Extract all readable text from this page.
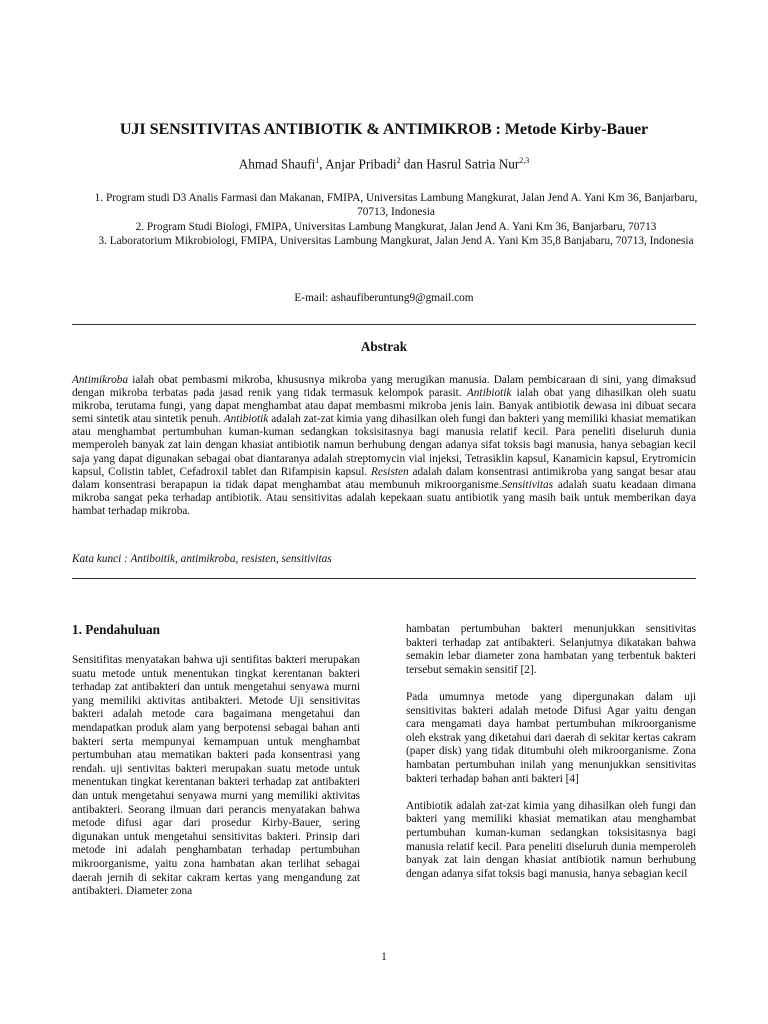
UJI SENSITIVITAS ANTIBIOTIK & ANTIMIKROB : Metode Kirby-Bauer
Ahmad Shaufi$^1$, Anjar Pribadi$^2$ dan Hasrul Satria Nur$^{2,3}$
1. Program studi D3 Analis Farmasi dan Makanan, FMIPA, Universitas Lambung Mangkurat, Jalan Jend A. Yani Km 36, Banjarbaru, 70713, Indonesia
2. Program Studi Biologi, FMIPA, Universitas Lambung Mangkurat, Jalan Jend A. Yani Km 36, Banjarbaru, 70713
3. Laboratorium Mikrobiologi, FMIPA, Universitas Lambung Mangkurat, Jalan Jend A. Yani Km 35,8 Banjabaru, 70713, Indonesia
E-mail: ashaufiberuntung9@gmail.com
Abstrak
Antimikroba ialah obat pembasmi mikroba, khususnya mikroba yang merugikan manusia. Dalam pembicaraan di sini, yang dimaksud dengan mikroba terbatas pada jasad renik yang tidak termasuk kelompok parasit. Antibiotik ialah obat yang dihasilkan oleh suatu mikroba, terutama fungi, yang dapat menghambat atau dapat membasmi mikroba jenis lain. Banyak antibiotik dewasa ini dibuat secara semi sintetik atau sintetik penuh. Antibiotik adalah zat-zat kimia yang dihasilkan oleh fungi dan bakteri yang memiliki khasiat mematikan atau menghambat pertumbuhan kuman-kuman sedangkan toksisitasnya bagi manusia relatif kecil. Para peneliti diseluruh dunia memperoleh banyak zat lain dengan khasiat antibiotik namun berhubung dengan adanya sifat toksis bagi manusia, hanya sebagian kecil saja yang dapat digunakan sebagai obat diantaranya adalah streptomycin vial injeksi, Tetrasiklin kapsul, Kanamicin kapsul, Erytromicin kapsul, Colistin tablet, Cefadroxil tablet dan Rifampisin kapsul. Resisten adalah dalam konsentrasi antimikroba yang sangat besar atau dalam konsentrasi berapapun ia tidak dapat menghambat atau membunuh mikroorganisme.Sensitivitas adalah suatu keadaan dimana mikroba sangat peka terhadap antibiotik. Atau sensitivitas adalah kepekaan suatu antibiotik yang masih baik untuk memberikan daya hambat terhadap mikroba.
Kata kunci : Antiboitik, antimikroba, resisten, sensitivitas
1. Pendahuluan

Sensitifitas menyatakan bahwa uji sentifitas bakteri merupakan suatu metode untuk menentukan tingkat kerentanan bakteri terhadap zat antibakteri dan untuk mengetahui senyawa murni yang memiliki aktivitas antibakteri. Metode Uji sensitivitas bakteri adalah metode cara bagaimana mengetahui dan mendapatkan produk alam yang berpotensi sebagai bahan anti bakteri serta mempunyai kemampuan untuk menghambat pertumbuhan atau mematikan bakteri pada konsentrasi yang rendah. uji sentivitas bakteri merupakan suatu metode untuk menentukan tingkat kerentanan bakteri terhadap zat antibakteri dan untuk mengetahui senyawa murni yang memiliki aktivitas antibakteri. Seorang ilmuan dari perancis menyatakan bahwa metode difusi agar dari prosedur Kirby-Bauer, sering digunakan untuk mengetahui sensitivitas bakteri. Prinsip dari metode ini adalah penghambatan terhadap pertumbuhan mikroorganisme, yaitu zona hambatan akan terlihat sebagai daerah jernih di sekitar cakram kertas yang mengandung zat antibakteri. Diameter zona

hambatan pertumbuhan bakteri menunjukkan sensitivitas bakteri terhadap zat antibakteri. Selanjutnya dikatakan bahwa semakin lebar diameter zona hambatan yang terbentuk bakteri tersebut semakin sensitif [2].

Pada umumnya metode yang dipergunakan dalam uji sensitivitas bakteri adalah metode Difusi Agar yaitu dengan cara mengamati daya hambat pertumbuhan mikroorganisme oleh ekstrak yang diketahui dari daerah di sekitar kertas cakram (paper disk) yang tidak ditumbuhi oleh mikroorganisme. Zona hambatan pertumbuhan inilah yang menunjukkan sensitivitas bakteri terhadap bahan anti bakteri [4]

Antibiotik adalah zat-zat kimia yang dihasilkan oleh fungi dan bakteri yang memiliki khasiat mematikan atau menghambat pertumbuhan kuman-kuman sedangkan toksisitasnya bagi manusia relatif kecil. Para peneliti diseluruh dunia memperoleh banyak zat lain dengan khasiat antibiotik namun berhubung dengan adanya sifat toksis bagi manusia, hanya sebagian kecil

1
